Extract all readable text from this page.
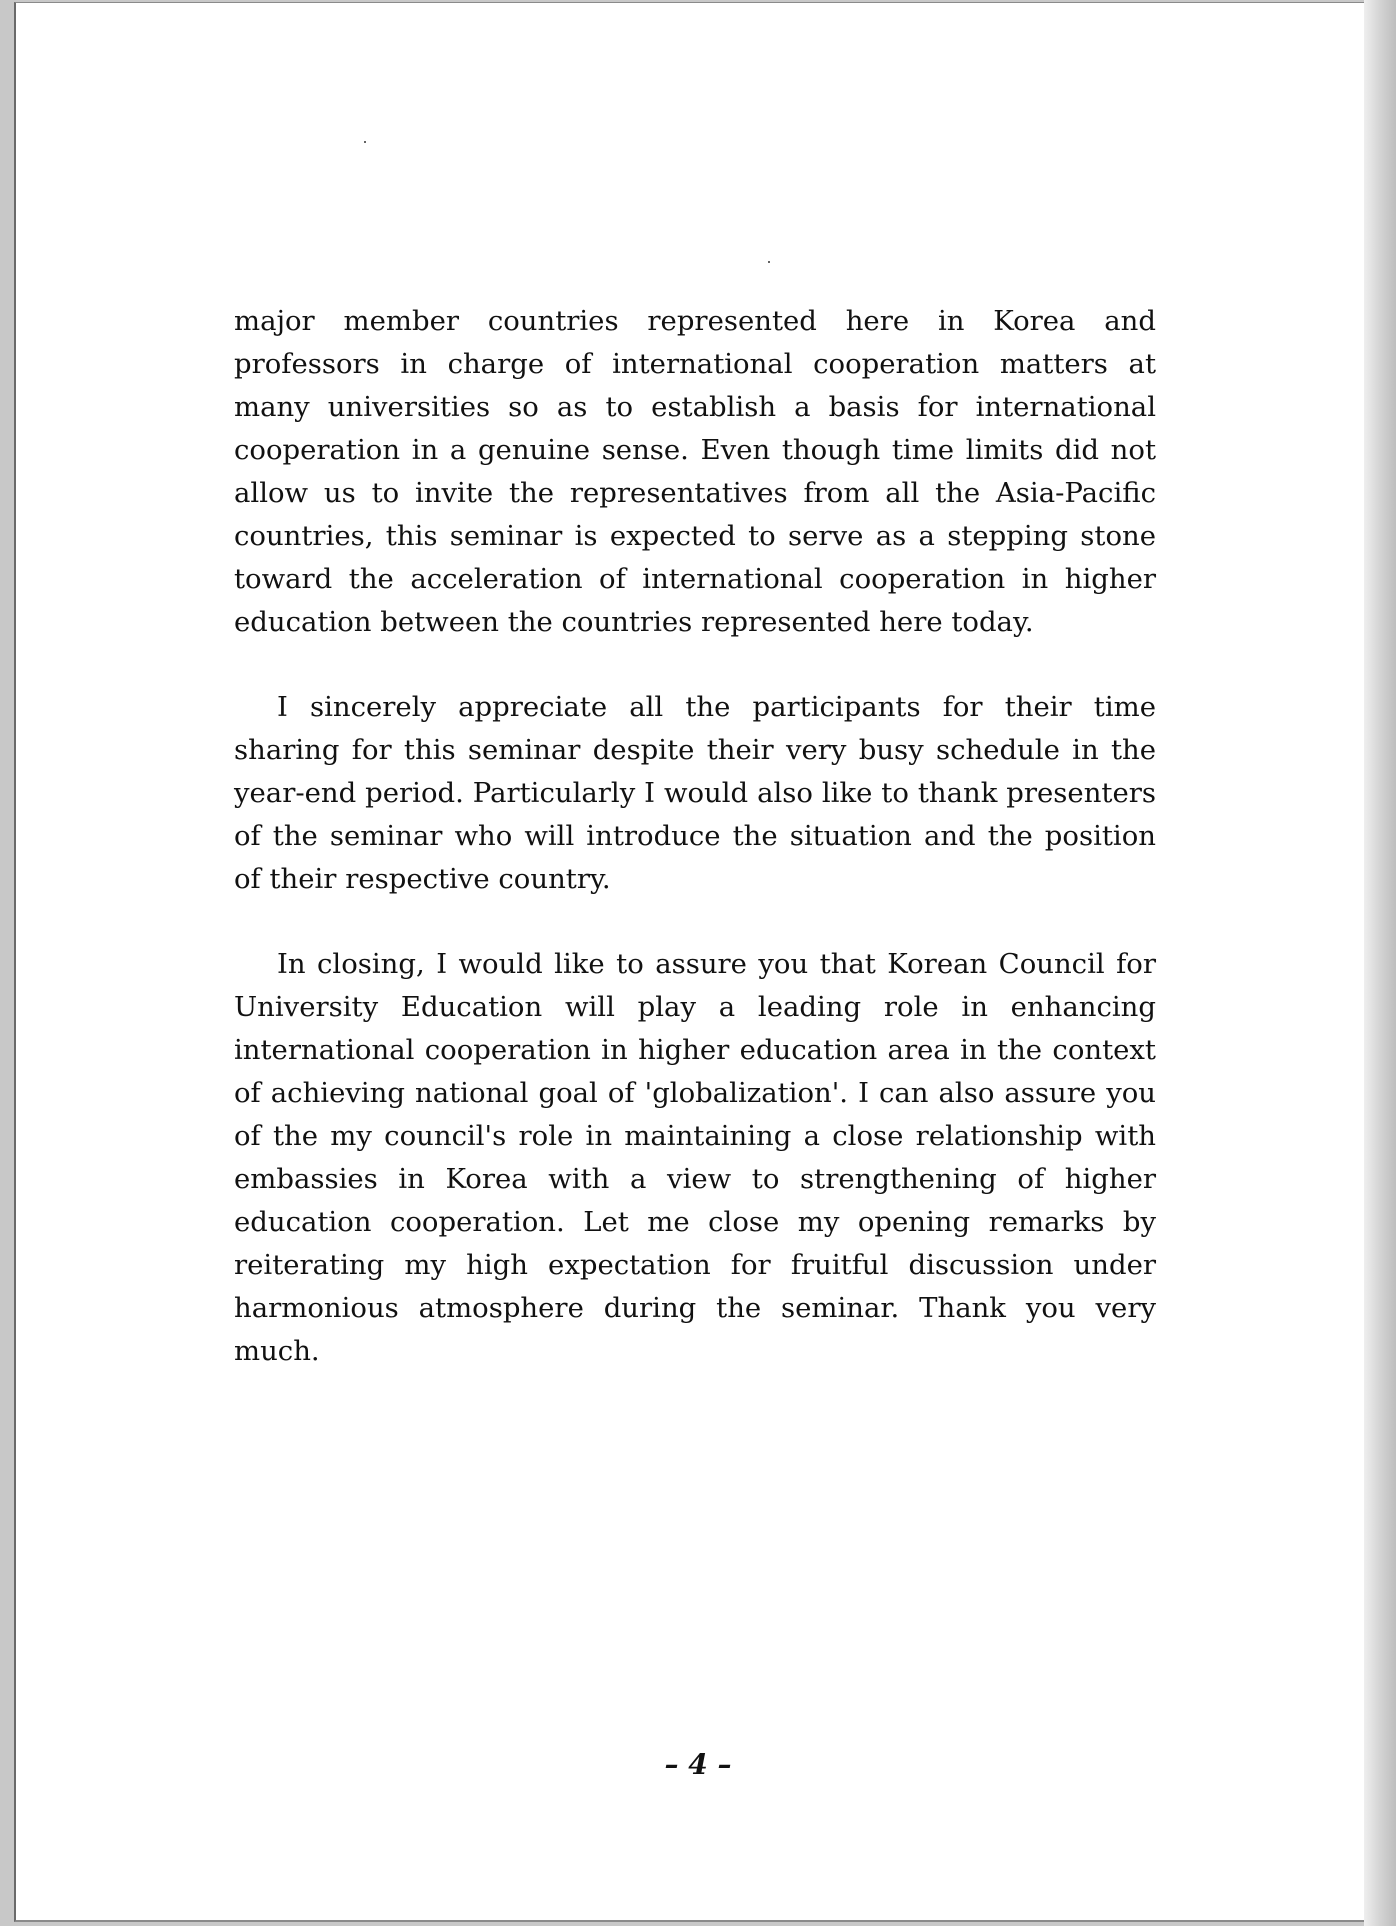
major member countries represented here in Korea and professors in charge of international cooperation matters at many universities so as to establish a basis for international cooperation in a genuine sense. Even though time limits did not allow us to invite the representatives from all the Asia-Pacific countries, this seminar is expected to serve as a stepping stone toward the acceleration of international cooperation in higher education between the countries represented here today.

I sincerely appreciate all the participants for their time sharing for this seminar despite their very busy schedule in the year-end period. Particularly I would also like to thank presenters of the seminar who will introduce the situation and the position of their respective country.

In closing, I would like to assure you that Korean Council for University Education will play a leading role in enhancing international cooperation in higher education area in the context of achieving national goal of 'globalization'. I can also assure you of the my council's role in maintaining a close relationship with embassies in Korea with a view to strengthening of higher education cooperation. Let me close my opening remarks by reiterating my high expectation for fruitful discussion under harmonious atmosphere during the seminar. Thank you very much.

– 4 –
